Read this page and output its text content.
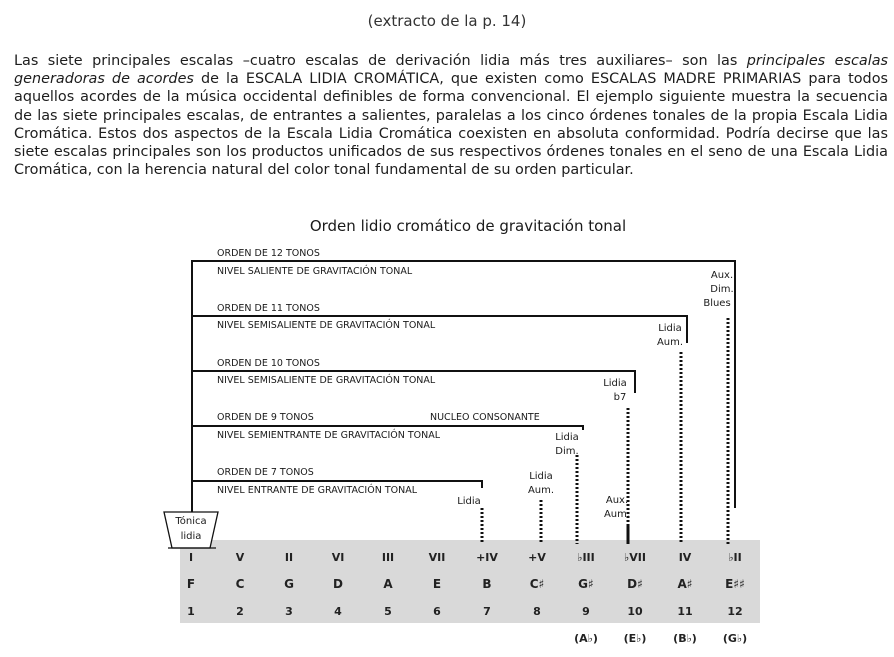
(extracto de la p. 14)

Las siete principales escalas –cuatro escalas de derivación lidia más tres auxiliares– son las principales escalas generadoras de acordes de la ESCALA LIDIA CROMÁTICA, que existen como ESCALAS MADRE PRIMARIAS para todos aquellos acordes de la música occidental definibles de forma convencional. El ejemplo siguiente muestra la secuencia de las siete principales escalas, de entrantes a salientes, paralelas a los cinco órdenes tonales de la propia Escala Lidia Cromática. Estos dos aspectos de la Escala Lidia Cromática coexisten en absoluta conformidad. Podría decirse que las siete escalas principales son los productos unificados de sus respectivos órdenes tonales en el seno de una Escala Lidia Cromática, con la herencia natural del color tonal fundamental de su orden particular.

Orden lidio cromático de gravitación tonal
ORDEN DE 12 TONOS
NIVEL SALIENTE DE GRAVITACIÓN TONAL
ORDEN DE 11 TONOS
NIVEL SEMISALIENTE DE GRAVITACIÓN TONAL
ORDEN DE 10 TONOS
NIVEL SEMISALIENTE DE GRAVITACIÓN TONAL
ORDEN DE 9 TONOS	NUCLEO CONSONANTE
NIVEL SEMIENTRANTE DE GRAVITACIÓN TONAL
ORDEN DE 7 TONOS
NIVEL ENTRANTE DE GRAVITACIÓN TONAL
Aux.
Dim.
Blues
Lidia
Aum.
Lidia
b7
Lidia
Dim.
Lidia
Aum.
Lidia	Aux.
Aum.
Tónica
lidia
I	V	II	VI	III	VII	+IV	+V	♭III	♭VII	IV	♭II
F	C	G	D	A	E	B	C♯	G♯	D♯	A♯	E♯♯
1	2	3	4	5	6	7	8	9	10	11	12
(A♭) (E♭) (B♭) (G♭)
